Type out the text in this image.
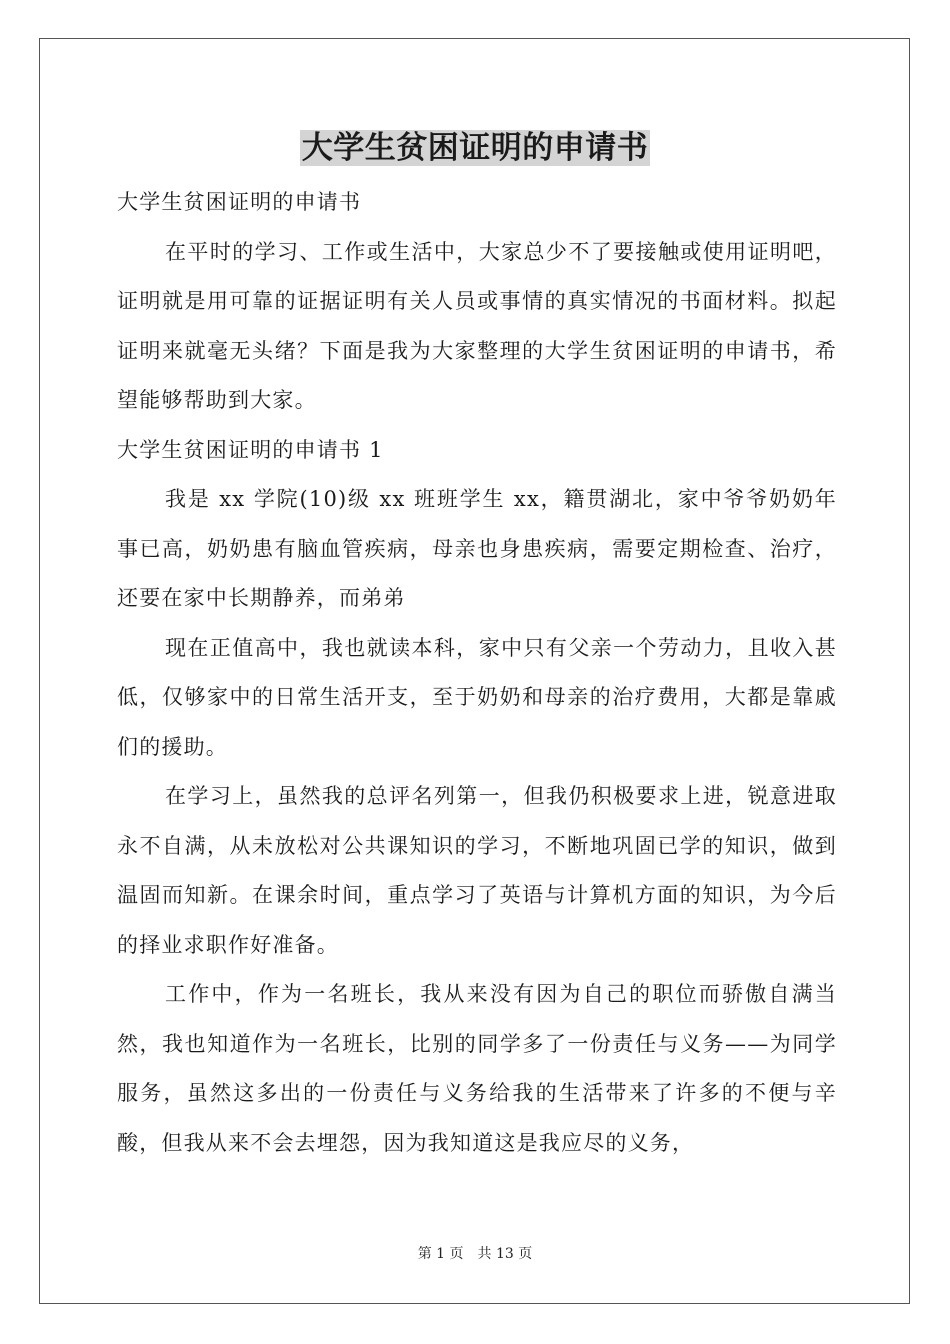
大学生贫困证明的申请书

大学生贫困证明的申请书

在平时的学习、工作或生活中，大家总少不了要接触或使用证明吧，证明就是用可靠的证据证明有关人员或事情的真实情况的书面材料。拟起证明来就毫无头绪？下面是我为大家整理的大学生贫困证明的申请书，希望能够帮助到大家。

大学生贫困证明的申请书 1

我是 xx 学院(10)级 xx 班班学生 xx，籍贯湖北，家中爷爷奶奶年事已高，奶奶患有脑血管疾病，母亲也身患疾病，需要定期检查、治疗，还要在家中长期静养，而弟弟

现在正值高中，我也就读本科，家中只有父亲一个劳动力，且收入甚低，仅够家中的日常生活开支，至于奶奶和母亲的治疗费用，大都是靠戚们的援助。

在学习上，虽然我的总评名列第一，但我仍积极要求上进，锐意进取永不自满，从未放松对公共课知识的学习，不断地巩固已学的知识，做到温固而知新。在课余时间，重点学习了英语与计算机方面的知识，为今后的择业求职作好准备。

工作中，作为一名班长，我从来没有因为自己的职位而骄傲自满当然，我也知道作为一名班长，比别的同学多了一份责任与义务——为同学服务，虽然这多出的一份责任与义务给我的生活带来了许多的不便与辛酸，但我从来不会去埋怨，因为我知道这是我应尽的义务，

第 1 页 共 13 页
